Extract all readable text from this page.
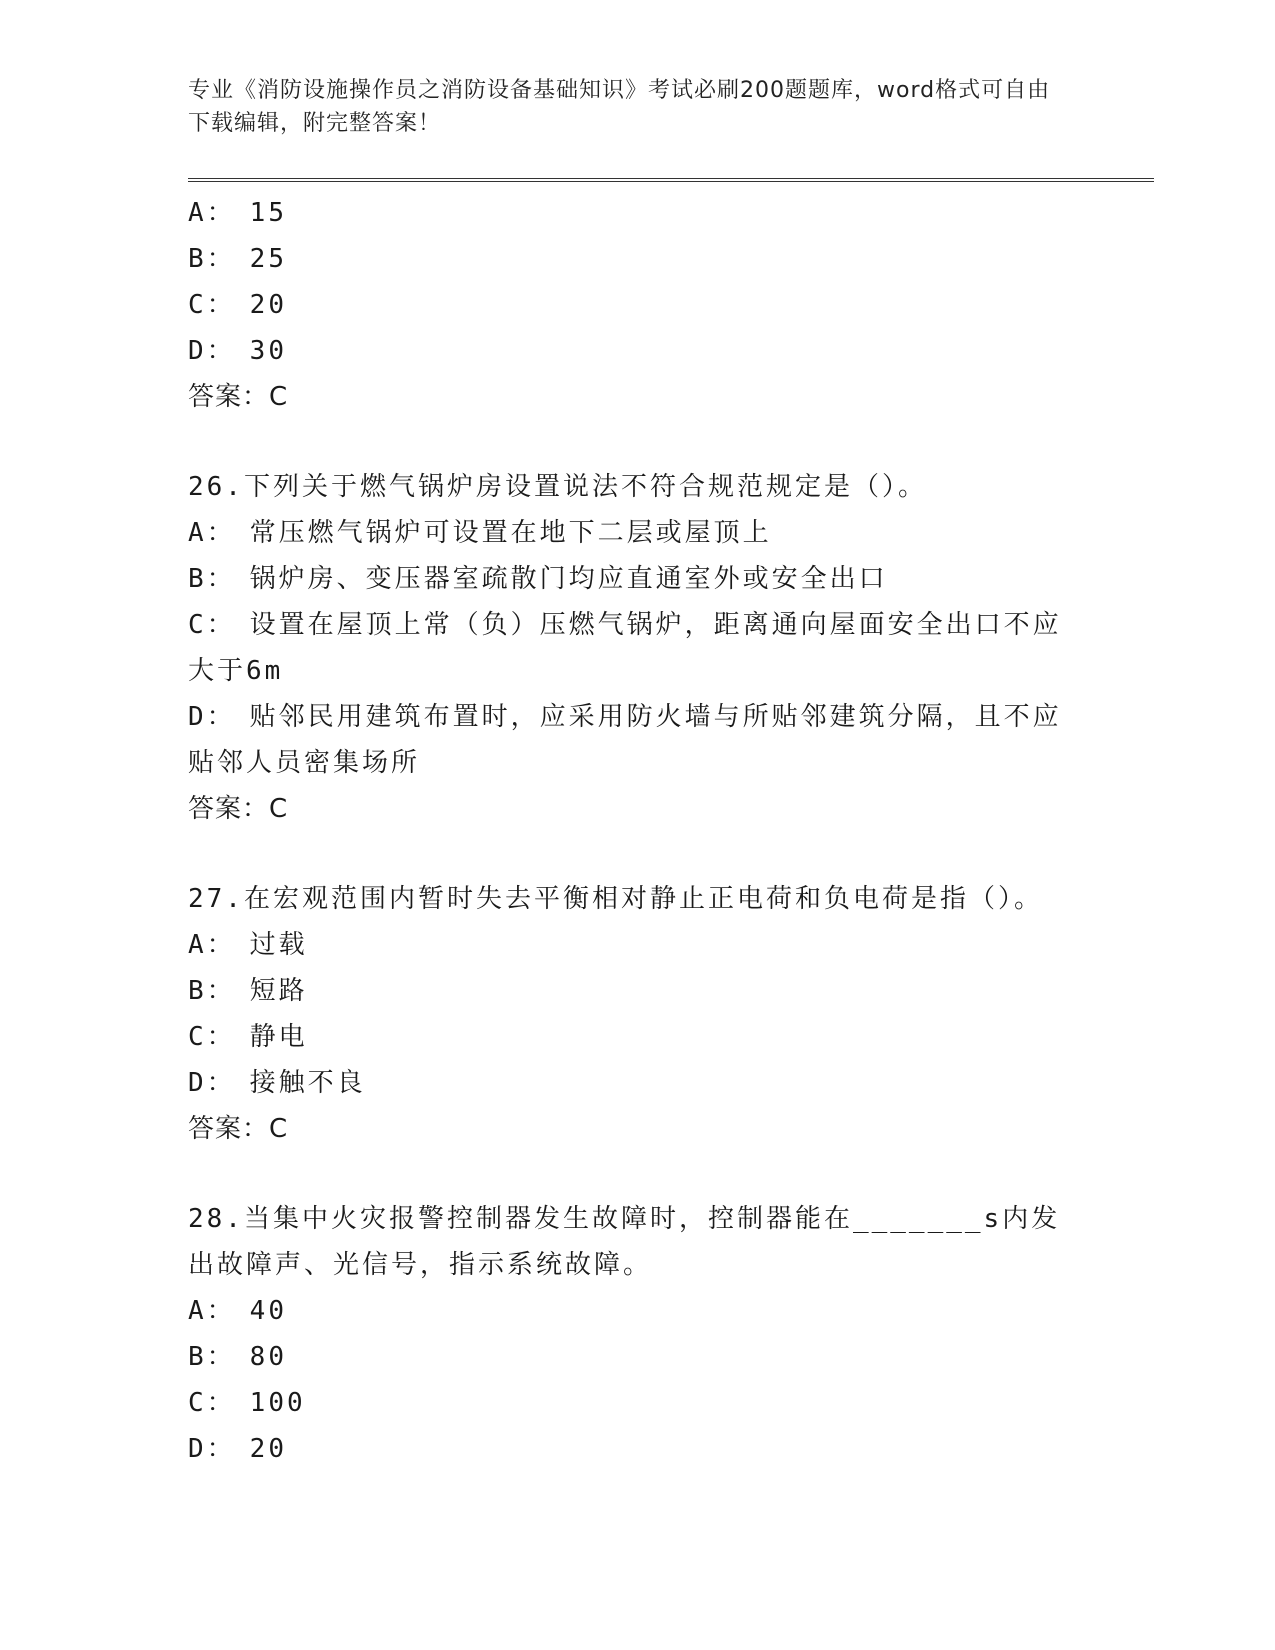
专业《消防设施操作员之消防设备基础知识》考试必刷200题题库，word格式可自由下载编辑，附完整答案！
A： 15
B： 25
C： 20
D： 30
答案：C
26.下列关于燃气锅炉房设置说法不符合规范规定是（）。
A： 常压燃气锅炉可设置在地下二层或屋顶上
B： 锅炉房、变压器室疏散门均应直通室外或安全出口
C： 设置在屋顶上常（负）压燃气锅炉，距离通向屋面安全出口不应大于6m
D： 贴邻民用建筑布置时，应采用防火墙与所贴邻建筑分隔，且不应贴邻人员密集场所
答案：C
27.在宏观范围内暂时失去平衡相对静止正电荷和负电荷是指（）。
A： 过载
B： 短路
C： 静电
D： 接触不良
答案：C
28.当集中火灾报警控制器发生故障时，控制器能在_______s内发出故障声、光信号，指示系统故障。
A： 40
B： 80
C： 100
D： 20
